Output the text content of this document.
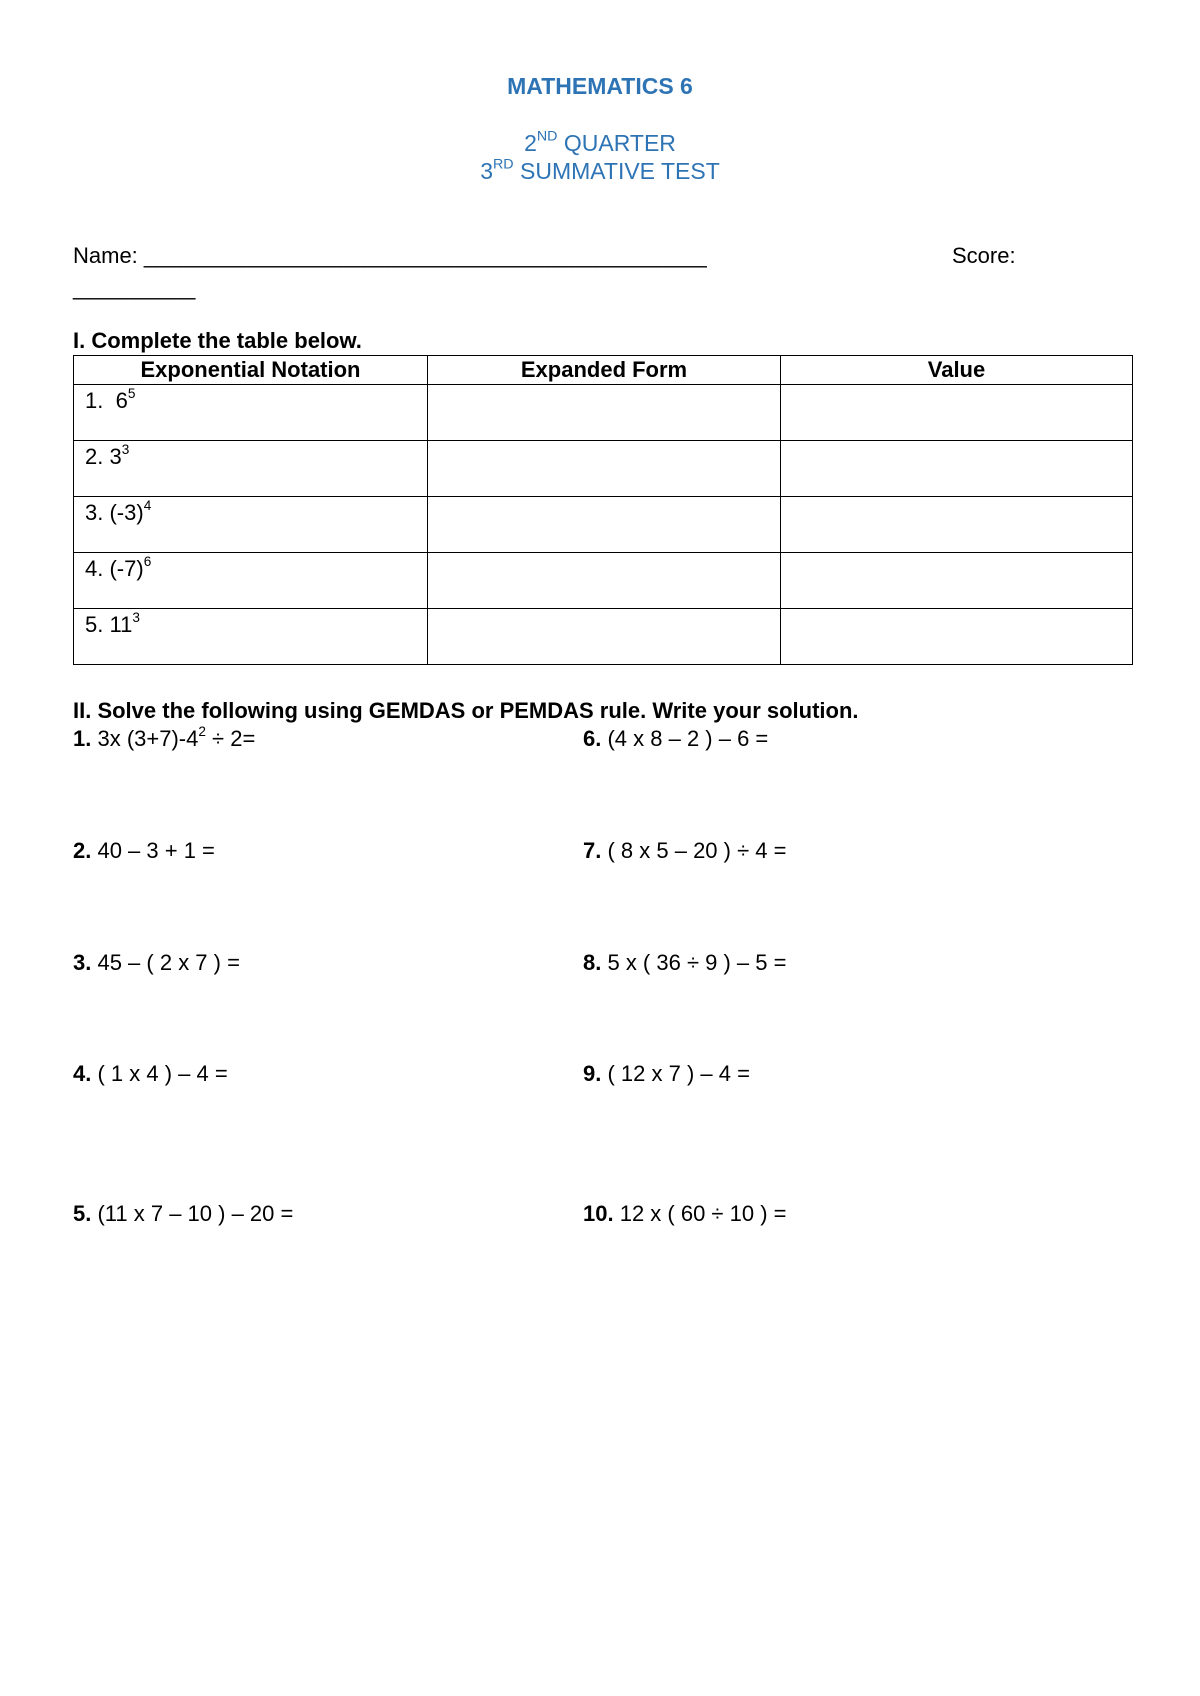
MATHEMATICS 6
2ND QUARTER
3RD SUMMATIVE TEST
Name: ______________________________________________	Score:
__________
I. Complete the table below.
Exponential Notation	Expanded Form	Value

1. $6^5$

2. $3^3$

3. $(-3)^4$

4. $(-7)^6$

5. $11^3$

II. Solve the following using GEMDAS or PEMDAS rule. Write your solution.
1. 3x $(3+7)-4^2 \div 2=$
2. 40 – 3 + 1 =
3. 45 – ( 2 x 7 ) =
4. ( 1 x 4 ) – 4 =
5. (11 x 7 – 10 ) – 20 =
6. (4 x 8 – 2 ) – 6 =
7. ( 8 x 5 – 20 ) ÷ 4 =
8. 5 x ( 36 ÷ 9 ) – 5 =
9. ( 12 x 7 ) – 4 =
10. 12 x ( 60 ÷ 10 ) =
